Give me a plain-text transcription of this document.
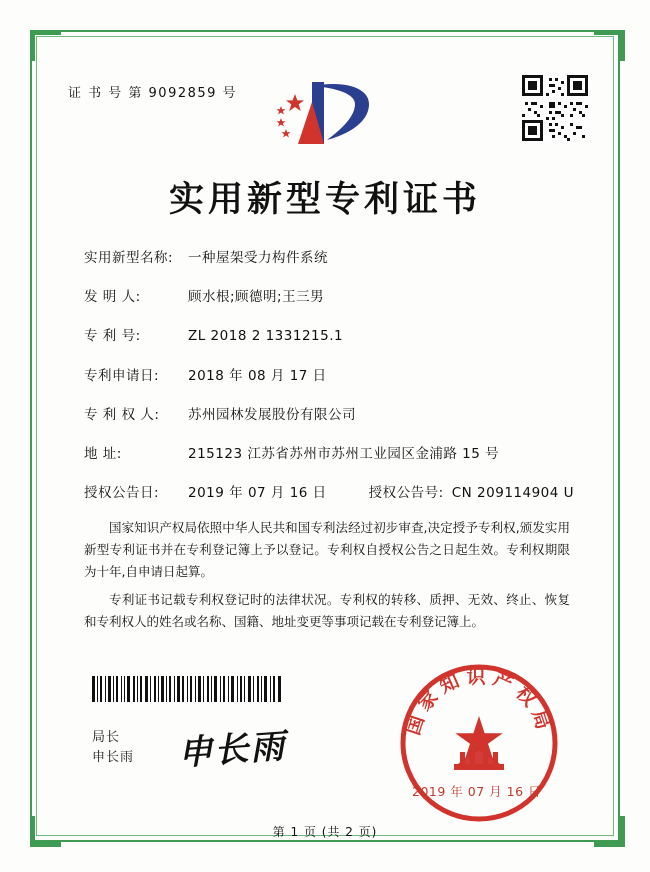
证 书 号 第 9092859 号
实用新型专利证书
实用新型名称:	一种屋架受力构件系统
发 明 人:	顾水根;顾德明;王三男
专 利 号:	ZL 2018 2 1331215.1
专利申请日:	2018 年 08 月 17 日
专 利 权 人:	苏州园林发展股份有限公司
地 址:	215123 江苏省苏州市苏州工业园区金浦路 15 号
授权公告日:	2019 年 07 月 16 日	授权公告号: CN 209114904 U

国家知识产权局依照中华人民共和国专利法经过初步审查,决定授予专利权,颁发实用新型专利证书并在专利登记簿上予以登记。专利权自授权公告之日起生效。专利权期限为十年,自申请日起算。

专利证书记载专利权登记时的法律状况。专利权的转移、质押、无效、终止、恢复和专利权人的姓名或名称、国籍、地址变更等事项记载在专利登记簿上。

局长
申长雨 申长雨
国家知识产权局
2019 年 07 月 16 日
第 1 页 (共 2 页)
